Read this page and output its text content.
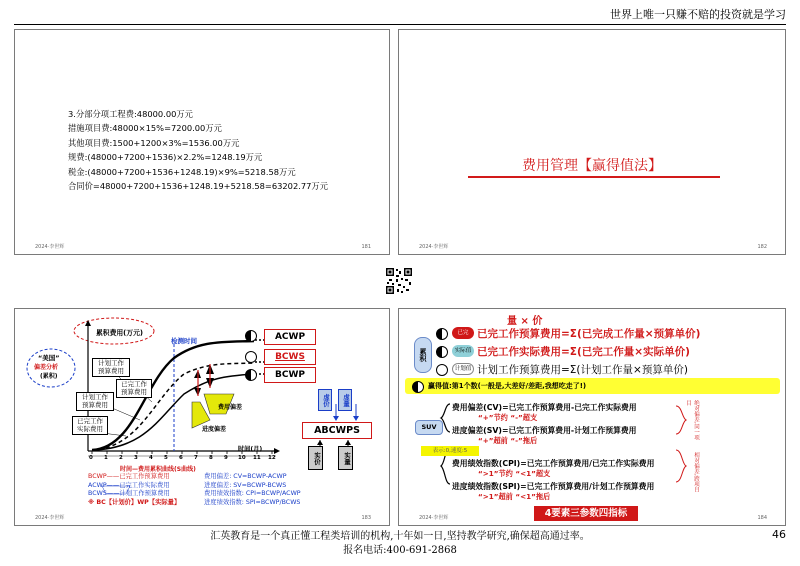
世界上唯一只赚不赔的投资就是学习
2024·李世辉	181
3.分部分项工程费:48000.00万元
措施项目费:48000×15%=7200.00万元
其他项目费:1500+1200×3%=1536.00万元
规费:(48000+7200+1536)×2.2%=1248.19万元
税金:(48000+7200+1536+1248.19)×9%=5218.58万元
合同价=48000+7200+1536+1248.19+5218.58=63202.77万元
费用管理【赢得值法】
2024·李世辉	182
2024·李世辉	183
累积费用(万元)
检测时间
“美国”
偏差分析
(累积)
计划工作
预算费用
已完工作
预算费用
计划工作
预算费用
已完工作
实际费用
费用偏差
进度偏差
时间(月)
0 1 2 3 4 5 6 7 8 9 10 11 12
时间—费用累积曲线(S曲线)
BCWP——已完工作预算费用
ACWP——已完工作实际费用
BCWS——计划工作预算费用
※ BC【计划价】WP【实际量】
费用偏差: CV=BCWP-ACWP
进度偏差: SV=BCWP-BCWS
费用绩效指数: CPI=BCWP/ACWP
进度绩效指数: SPI=BCWP/BCWS
ACWP
BCWS
BCWP
虚价	虚量
ABCWPS
实价	实量
2024·李世辉	184
量 × 价
累积
已完
实际值
计划值
已完工作预算费用=Σ(已完成工作量×预算单价)
已完工作实际费用=Σ(已完工作量×实际单价)
计划工作预算费用=Σ(计划工作量×预算单价)
赢得值:第1个数(一般是,大差好/差距,我想吃走了!)
SUV
费用偏差(CV)=已完工作预算费用-已完工作实际费用
“+”节约 “-”超支
进度偏差(SV)=已完工作预算费用-计划工作预算费用
“+”超前 “-”拖后
表示:0,速度:5
费用绩效指数(CPI)=已完工作预算费用/已完工作实际费用
“>1”节约 “<1”超支
进度绩效指数(SPI)=已完工作预算费用/计划工作预算费用
“>1”超前 “<1”拖后
绝对偏差,同一项目
相对偏差,跨项目
4要素三参数四指标
汇英教育是一个真正懂工程类培训的机构,十年如一日,坚持教学研究,确保超高通过率。
报名电话:400-691-2868
46
